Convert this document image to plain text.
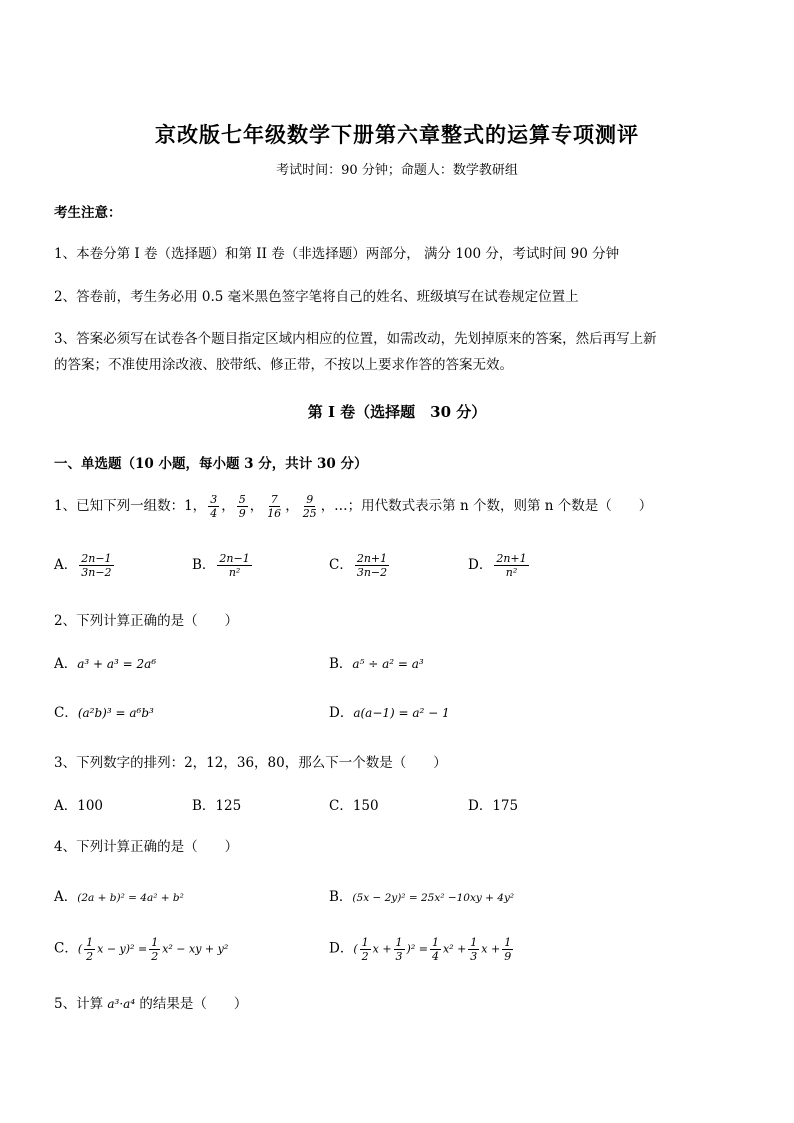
京改版七年级数学下册第六章整式的运算专项测评
考试时间：90 分钟；命题人：数学教研组
考生注意：
1、本卷分第 I 卷（选择题）和第 II 卷（非选择题）两部分， 满分 100 分，考试时间 90 分钟
2、答卷前，考生务必用 0.5 毫米黑色签字笔将自己的姓名、班级填写在试卷规定位置上
3、答案必须写在试卷各个题目指定区域内相应的位置，如需改动，先划掉原来的答案，然后再写上新
的答案；不准使用涂改液、胶带纸、修正带，不按以上要求作答的答案无效。
第 I 卷（选择题　30 分）
一、单选题（10 小题，每小题 3 分，共计 30 分）
1、已知下列一组数：1， $\frac{3}{4}$ ， $\frac{5}{9}$ ， $\frac{7}{16}$ ， $\frac{9}{25}$ ，…；用代数式表示第 n 个数，则第 n 个数是（　　）
A． $\frac{2n-1}{3n-2}$	B． $\frac{2n-1}{\text{n²}}$	C． $\frac{2n+1}{3n-2}$	D． $\frac{2n+1}{\text{n²}}$
2、下列计算正确的是（　　）
A．a³ + a³ = 2a⁶	B．a⁵ ÷ a² = a³
C．(a²b)³ = a⁶b³	D．a(a−1) = a² − 1
3、下列数字的排列：2，12，36，80，那么下一个数是（　　）
A．100	B．125	C．150	D．175
4、下列计算正确的是（　　）
A．(2a + b)² = 4a² + b²	B．(5x − 2y)² = 25x² −10xy + 4y²
C．( $\frac{1}{2}$ $x - y)^2 = \frac{1}{2} x^2$ − xy + y²	D．( $\frac{1}{2}$ $x + \frac{1}{3} )^2 = \frac{1}{4} x^2 + \frac{1}{3}$ $x + \frac{1}{9}$
5、计算 a³·a⁴ 的结果是（　　）
